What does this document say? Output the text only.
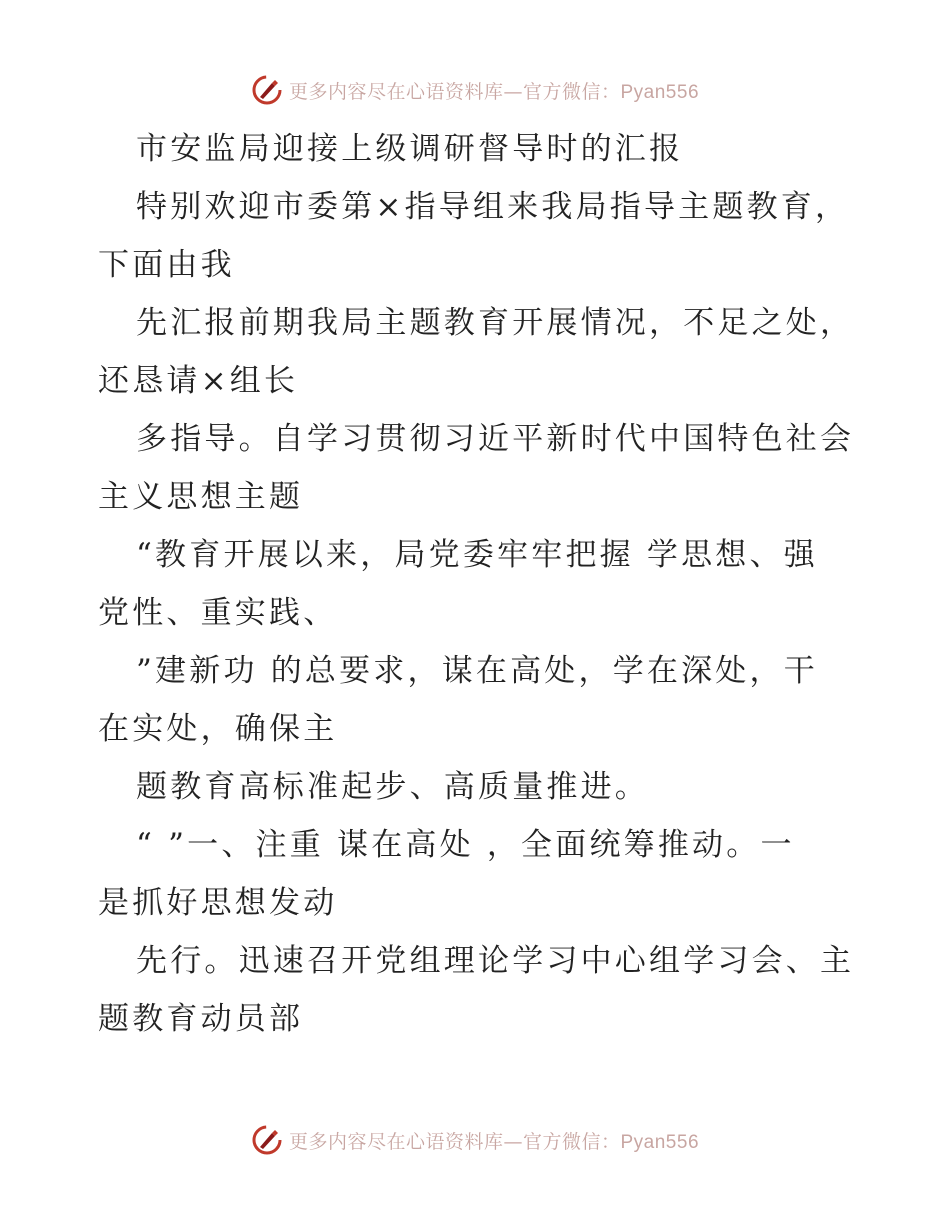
更多内容尽在心语资料库—官方微信：Pyan556
市安监局迎接上级调研督导时的汇报
特别欢迎市委第×指导组来我局指导主题教育，
下面由我
先汇报前期我局主题教育开展情况，不足之处，
还恳请×组长
多指导。自学习贯彻习近平新时代中国特色社会
主义思想主题
“教育开展以来，局党委牢牢把握 学思想、强
党性、重实践、
”建新功 的总要求，谋在高处，学在深处，干
在实处，确保主
题教育高标准起步、高质量推进。
“ ”一、注重 谋在高处 ，全面统筹推动。一
是抓好思想发动
先行。迅速召开党组理论学习中心组学习会、主
题教育动员部
更多内容尽在心语资料库—官方微信：Pyan556
